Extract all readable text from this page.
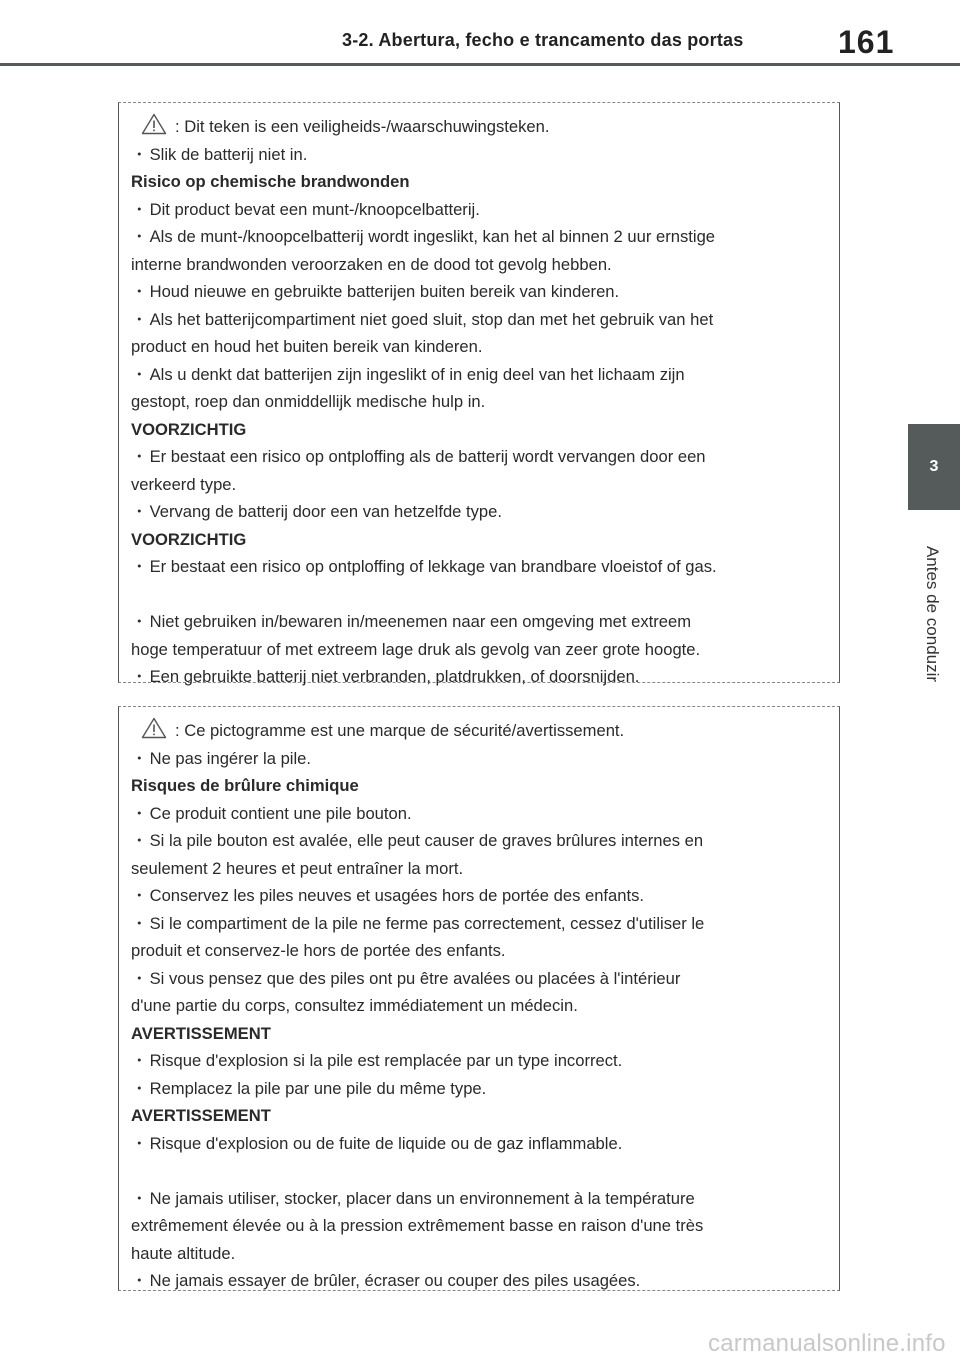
3-2. Abertura, fecho e trancamento das portas	161
3
Antes de conduzir
: Dit teken is een veiligheids-/waarschuwingsteken.
・ Slik de batterij niet in.
Risico op chemische brandwonden
・ Dit product bevat een munt-/knoopcelbatterij.
・ Als de munt-/knoopcelbatterij wordt ingeslikt, kan het al binnen 2 uur ernstige
interne brandwonden veroorzaken en de dood tot gevolg hebben.
・ Houd nieuwe en gebruikte batterijen buiten bereik van kinderen.
・ Als het batterijcompartiment niet goed sluit, stop dan met het gebruik van het
product en houd het buiten bereik van kinderen.
・ Als u denkt dat batterijen zijn ingeslikt of in enig deel van het lichaam zijn
gestopt, roep dan onmiddellijk medische hulp in.
VOORZICHTIG
・ Er bestaat een risico op ontploffing als de batterij wordt vervangen door een
verkeerd type.
・ Vervang de batterij door een van hetzelfde type.
VOORZICHTIG
・ Er bestaat een risico op ontploffing of lekkage van brandbare vloeistof of gas.
・ Niet gebruiken in/bewaren in/meenemen naar een omgeving met extreem
hoge temperatuur of met extreem lage druk als gevolg van zeer grote hoogte.
・ Een gebruikte batterij niet verbranden, platdrukken, of doorsnijden.
: Ce pictogramme est une marque de sécurité/avertissement.
・ Ne pas ingérer la pile.
Risques de brûlure chimique
・ Ce produit contient une pile bouton.
・ Si la pile bouton est avalée, elle peut causer de graves brûlures internes en
seulement 2 heures et peut entraîner la mort.
・ Conservez les piles neuves et usagées hors de portée des enfants.
・ Si le compartiment de la pile ne ferme pas correctement, cessez d'utiliser le
produit et conservez-le hors de portée des enfants.
・ Si vous pensez que des piles ont pu être avalées ou placées à l'intérieur
d'une partie du corps, consultez immédiatement un médecin.
AVERTISSEMENT
・ Risque d'explosion si la pile est remplacée par un type incorrect.
・ Remplacez la pile par une pile du même type.
AVERTISSEMENT
・ Risque d'explosion ou de fuite de liquide ou de gaz inflammable.
・ Ne jamais utiliser, stocker, placer dans un environnement à la température
extrêmement élevée ou à la pression extrêmement basse en raison d'une très
haute altitude.
・ Ne jamais essayer de brûler, écraser ou couper des piles usagées.
carmanualsonline.info
